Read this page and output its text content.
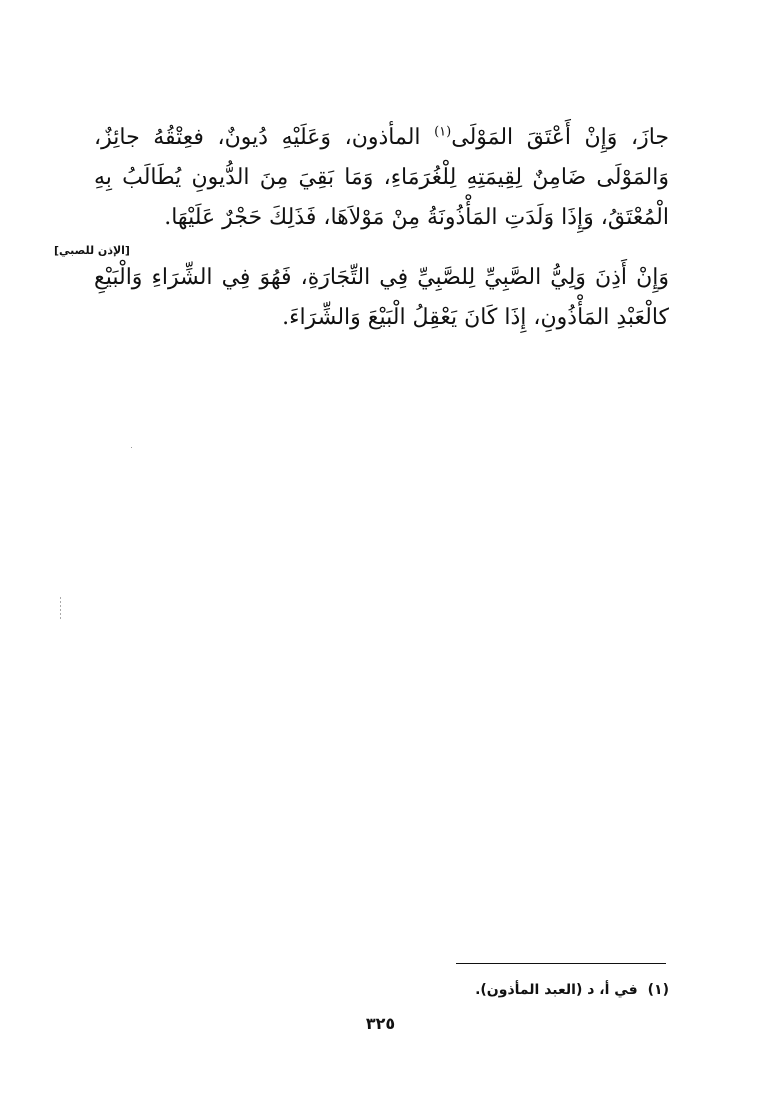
جازَ، وَإِنْ أَعْتَقَ المَوْلَى$^{(١)}$ المأذون، وَعَلَيْهِ دُيونٌ، فعِتْقُهُ جائِزٌ، وَالمَوْلَى ضَامِنٌ لِقِيمَتِهِ لِلْغُرَمَاءِ، وَمَا بَقِيَ مِنَ الدُّيونِ يُطَالَبُ بِهِ الْمُعْتَقُ، وَإِذَا وَلَدَتِ المَأْذُونَةُ مِنْ مَوْلاَهَا، فَذَلِكَ حَجْرٌ عَلَيْهَا.

وَإِنْ أَذِنَ وَلِيُّ الصَّبِيِّ لِلصَّبِيِّ فِي التِّجَارَةِ، فَهُوَ فِي الشِّرَاءِ وَالْبَيْعِ كالْعَبْدِ المَأْذُونِ، إِذَا كَانَ يَعْقِلُ الْبَيْعَ وَالشِّرَاءَ.

[الإذن للصبي]
(١)في أ، د (العبد المأذون).
٣٢٥
